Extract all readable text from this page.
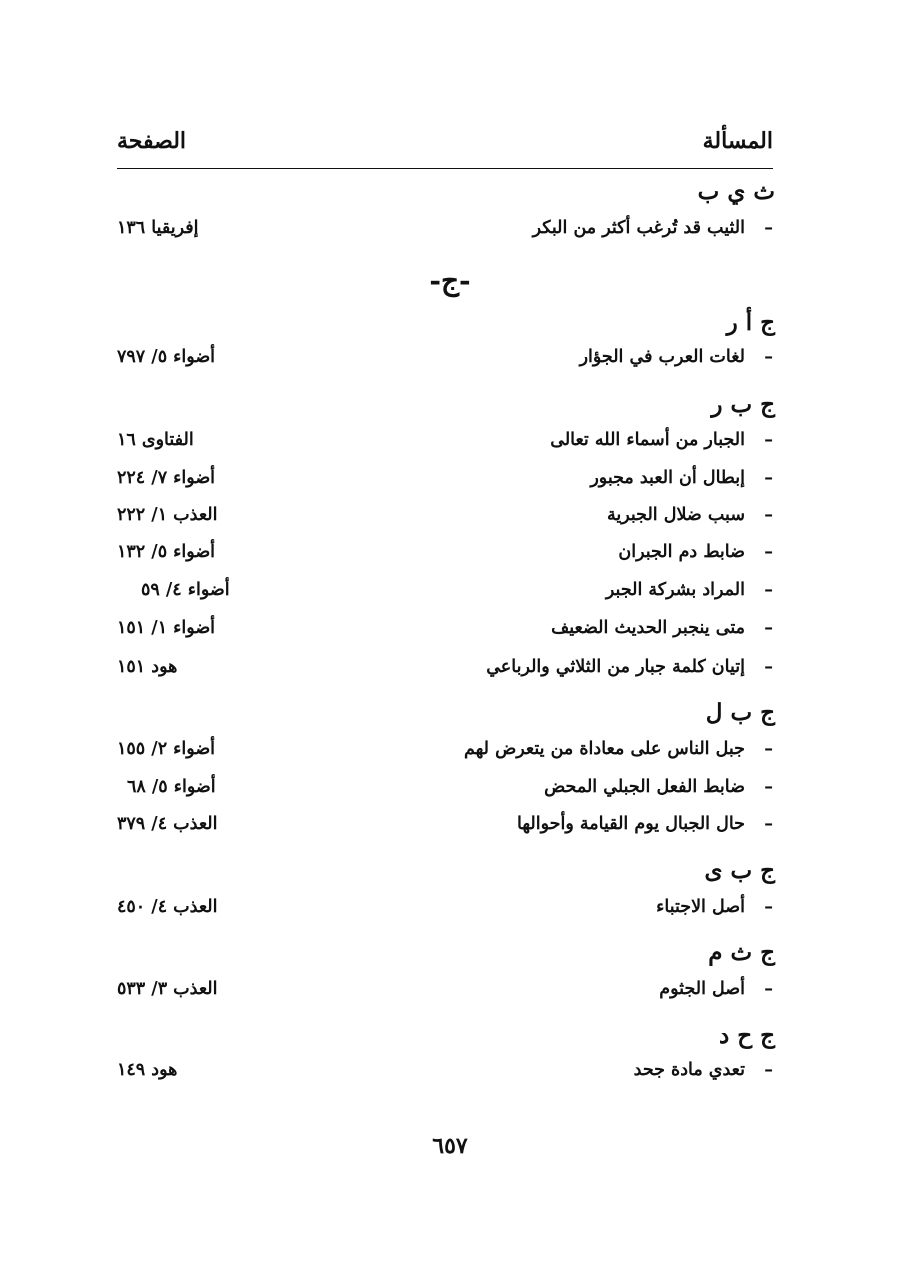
المسألة
الصفحة
ث ي ب
–
الثيب قد تُرغب أكثر من البكر
إفريقيا ١٣٦
-ج-
ج أ ر
–
لغات العرب في الجؤار
أضواء ٥/ ٧٩٧
ج ب ر
–
الجبار من أسماء الله تعالى
الفتاوى ١٦
–
إبطال أن العبد مجبور
أضواء ٧/ ٢٢٤
–
سبب ضلال الجبرية
العذب ١/ ٢٢٢
–
ضابط دم الجبران
أضواء ٥/ ١٣٢
–
المراد بشركة الجبر
أضواء ٤/ ٥٩
–
متى ينجبر الحديث الضعيف
أضواء ١/ ١٥١
–
إتيان كلمة جبار من الثلاثي والرباعي
هود ١٥١
ج ب ل
–
جبل الناس على معاداة من يتعرض لهم
أضواء ٢/ ١٥٥
–
ضابط الفعل الجبلي المحض
أضواء ٥/ ٦٨
–
حال الجبال يوم القيامة وأحوالها
العذب ٤/ ٣٧٩
ج ب ى
–
أصل الاجتباء
العذب ٤/ ٤٥٠
ج ث م
–
أصل الجثوم
العذب ٣/ ٥٣٣
ج ح د
–
تعدي مادة جحد
هود ١٤٩
٦٥٧
